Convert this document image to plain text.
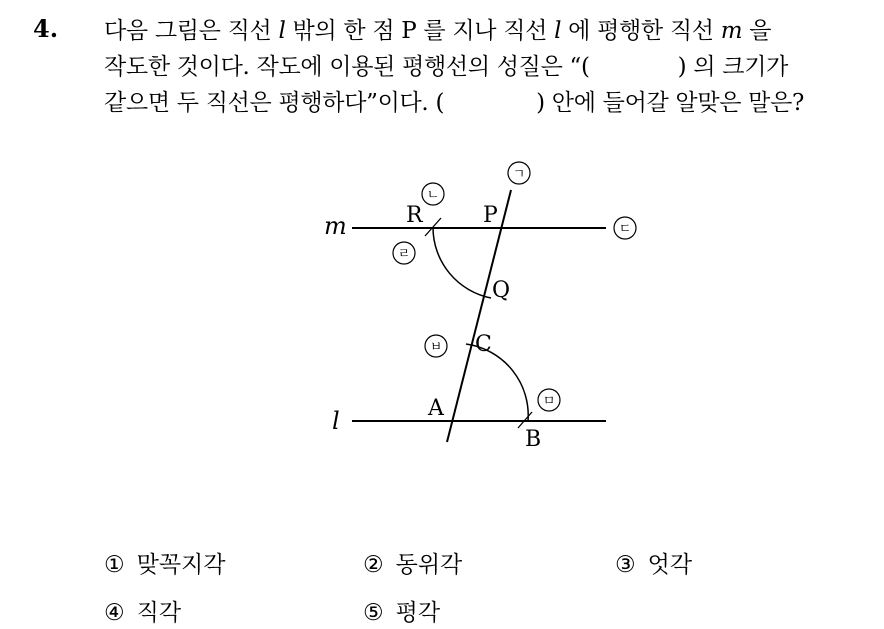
4. 다음 그림은 직선 l 밖의 한 점 P 를 지나 직선 l 에 평행한 직선 m 을
작도한 것이다. 작도에 이용된 평행선의 성질은 “(	) 의 크기가
같으면 두 직선은 평행하다”이다. (	) 안에 들어갈 알맞은 말은?
m
l
R	P
Q
C
A
B
ㄱ
ㄴ
ㄷ
ㄹ
ㅂ
ㅁ
① 맞꼭지각	② 동위각	③ 엇각
④ 직각	⑤ 평각
